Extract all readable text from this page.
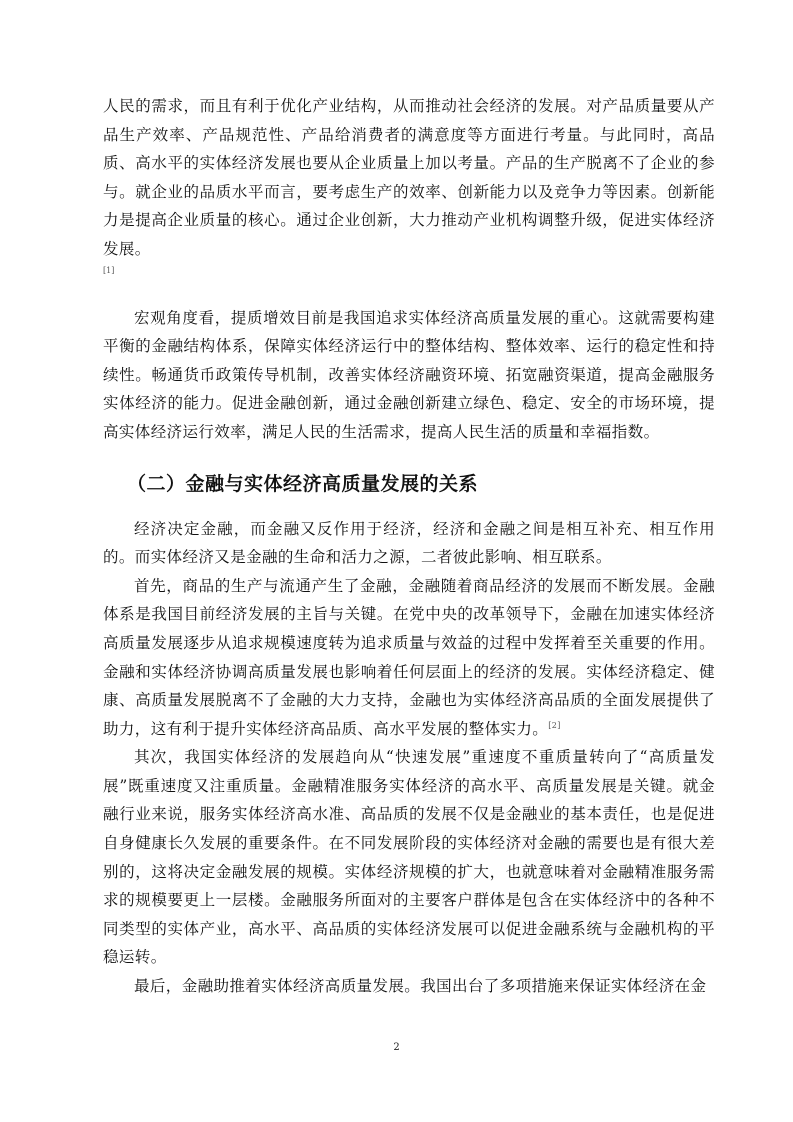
人民的需求，而且有利于优化产业结构，从而推动社会经济的发展。对产品质量要从产品生产效率、产品规范性、产品给消费者的满意度等方面进行考量。与此同时，高品质、高水平的实体经济发展也要从企业质量上加以考量。产品的生产脱离不了企业的参与。就企业的品质水平而言，要考虑生产的效率、创新能力以及竞争力等因素。创新能力是提高企业质量的核心。通过企业创新，大力推动产业机构调整升级，促进实体经济发展。

[1]

宏观角度看，提质增效目前是我国追求实体经济高质量发展的重心。这就需要构建平衡的金融结构体系，保障实体经济运行中的整体结构、整体效率、运行的稳定性和持续性。畅通货币政策传导机制，改善实体经济融资环境、拓宽融资渠道，提高金融服务实体经济的能力。促进金融创新，通过金融创新建立绿色、稳定、安全的市场环境，提高实体经济运行效率，满足人民的生活需求，提高人民生活的质量和幸福指数。

（二）金融与实体经济高质量发展的关系

经济决定金融，而金融又反作用于经济，经济和金融之间是相互补充、相互作用的。而实体经济又是金融的生命和活力之源，二者彼此影响、相互联系。

首先，商品的生产与流通产生了金融，金融随着商品经济的发展而不断发展。金融体系是我国目前经济发展的主旨与关键。在党中央的改革领导下，金融在加速实体经济高质量发展逐步从追求规模速度转为追求质量与效益的过程中发挥着至关重要的作用。金融和实体经济协调高质量发展也影响着任何层面上的经济的发展。实体经济稳定、健康、高质量发展脱离不了金融的大力支持，金融也为实体经济高品质的全面发展提供了助力，这有利于提升实体经济高品质、高水平发展的整体实力。[2]

其次，我国实体经济的发展趋向从“快速发展”重速度不重质量转向了“高质量发展”既重速度又注重质量。金融精准服务实体经济的高水平、高质量发展是关键。就金融行业来说，服务实体经济高水准、高品质的发展不仅是金融业的基本责任，也是促进自身健康长久发展的重要条件。在不同发展阶段的实体经济对金融的需要也是有很大差别的，这将决定金融发展的规模。实体经济规模的扩大，也就意味着对金融精准服务需求的规模要更上一层楼。金融服务所面对的主要客户群体是包含在实体经济中的各种不同类型的实体产业，高水平、高品质的实体经济发展可以促进金融系统与金融机构的平稳运转。

最后，金融助推着实体经济高质量发展。我国出台了多项措施来保证实体经济在金

2
